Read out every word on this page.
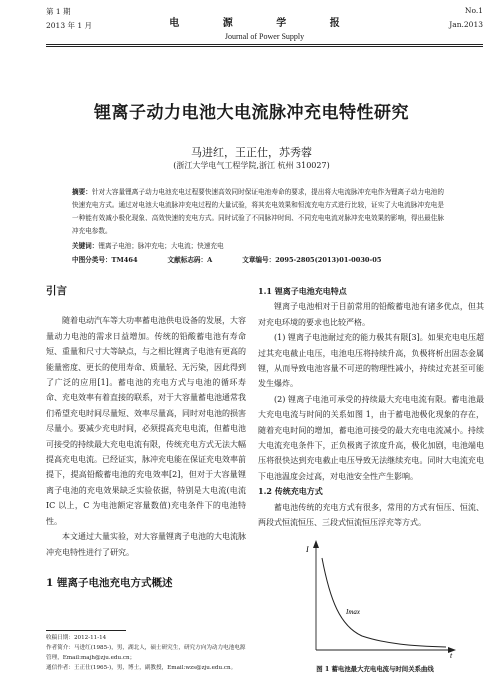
第 1 期
2013 年 1 月	电 源 学 报
Journal of Power Supply
No.1
Jan.2013
锂离子动力电池大电流脉冲充电特性研究
马进红，王正仕，苏秀蓉
(浙江大学电气工程学院,浙江 杭州 310027)
摘要：针对大容量锂离子动力电池充电过程要快速高效同时保证电池寿命的要求，提出将大电流脉冲充电作为锂离子动力电池的快速充电方式。通过对电池大电流脉冲充电过程的大量试验，将其充电效果和恒流充电方式进行比较，证实了大电流脉冲充电是一种能有效减小极化现象、高效快速的充电方式。同时试验了不同脉冲时间、不同充电电流对脉冲充电效果的影响，得出最佳脉冲充电参数。
关键词：锂离子电池；脉冲充电；大电流；快速充电
中图分类号：TM464	文献标志码：A	文章编号：2095-2805(2013)01-0030-05
引言
随着电动汽车等大功率蓄电池供电设备的发展，大容量动力电池的需求日益增加。传统的铅酸蓄电池有寿命短、重量和尺寸大等缺点，与之相比锂离子电池有更高的能量密度、更长的使用寿命、质量轻、无污染，因此得到了广泛的应用[1]。蓄电池的充电方式与电池的循环寿命、充电效率有着直接的联系，对于大容量蓄电池通常我们希望充电时间尽量短、效率尽量高，同时对电池的损害尽量小。要减少充电时间，必须提高充电电流，但蓄电池可接受的持续最大充电电流有限，传统充电方式无法大幅提高充电电流。已经证实，脉冲充电能在保证充电效率前提下，提高铅酸蓄电池的充电效率[2]，但对于大容量锂离子电池的充电效果缺乏实验依据，特别是大电流(电流 IC 以上，C 为电池额定容量数值)充电条件下的电池特性。
本文通过大量实验，对大容量锂离子电池的大电流脉冲充电特性进行了研究。
1 锂离子电池充电方式概述
1.1 锂离子电池充电特点
锂离子电池相对于目前常用的铅酸蓄电池有诸多优点，但其对充电环境的要求也比较严格。
(1) 锂离子电池耐过充的能力极其有限[3]。如果充电电压超过其充电截止电压，电池电压将持续升高，负极将析出固态金属锂，从而导致电池容量不可逆的物理性减小，持续过充甚至可能发生爆炸。
(2) 锂离子电池可承受的持续最大充电电流有限。蓄电池最大充电电流与时间的关系如图 1，由于蓄电池极化现象的存在，随着充电时间的增加，蓄电池可接受的最大充电电流减小。持续大电流充电条件下，正负极离子浓度升高，极化加剧，电池端电压将很快达到充电截止电压导致无法继续充电。同时大电流充电下电池温度会过高，对电池安全性产生影响。
1.2 传统充电方式
蓄电池传统的充电方式有很多，常用的方式有恒压、恒流、两段式恒流恒压、三段式恒流恒压浮充等方式。
I
t
Imax
图 1 蓄电池最大充电电流与时间关系曲线
收稿日期：2012-11-14
作者简介：马进红(1985-)，男，湖北人，硕士研究生，研究方向为动力电池电源管理，Email:majh@zju.edu.cn；
通信作者：王正仕(1965-)，男，博士，副教授，Email:wzs@zju.edu.cn。
